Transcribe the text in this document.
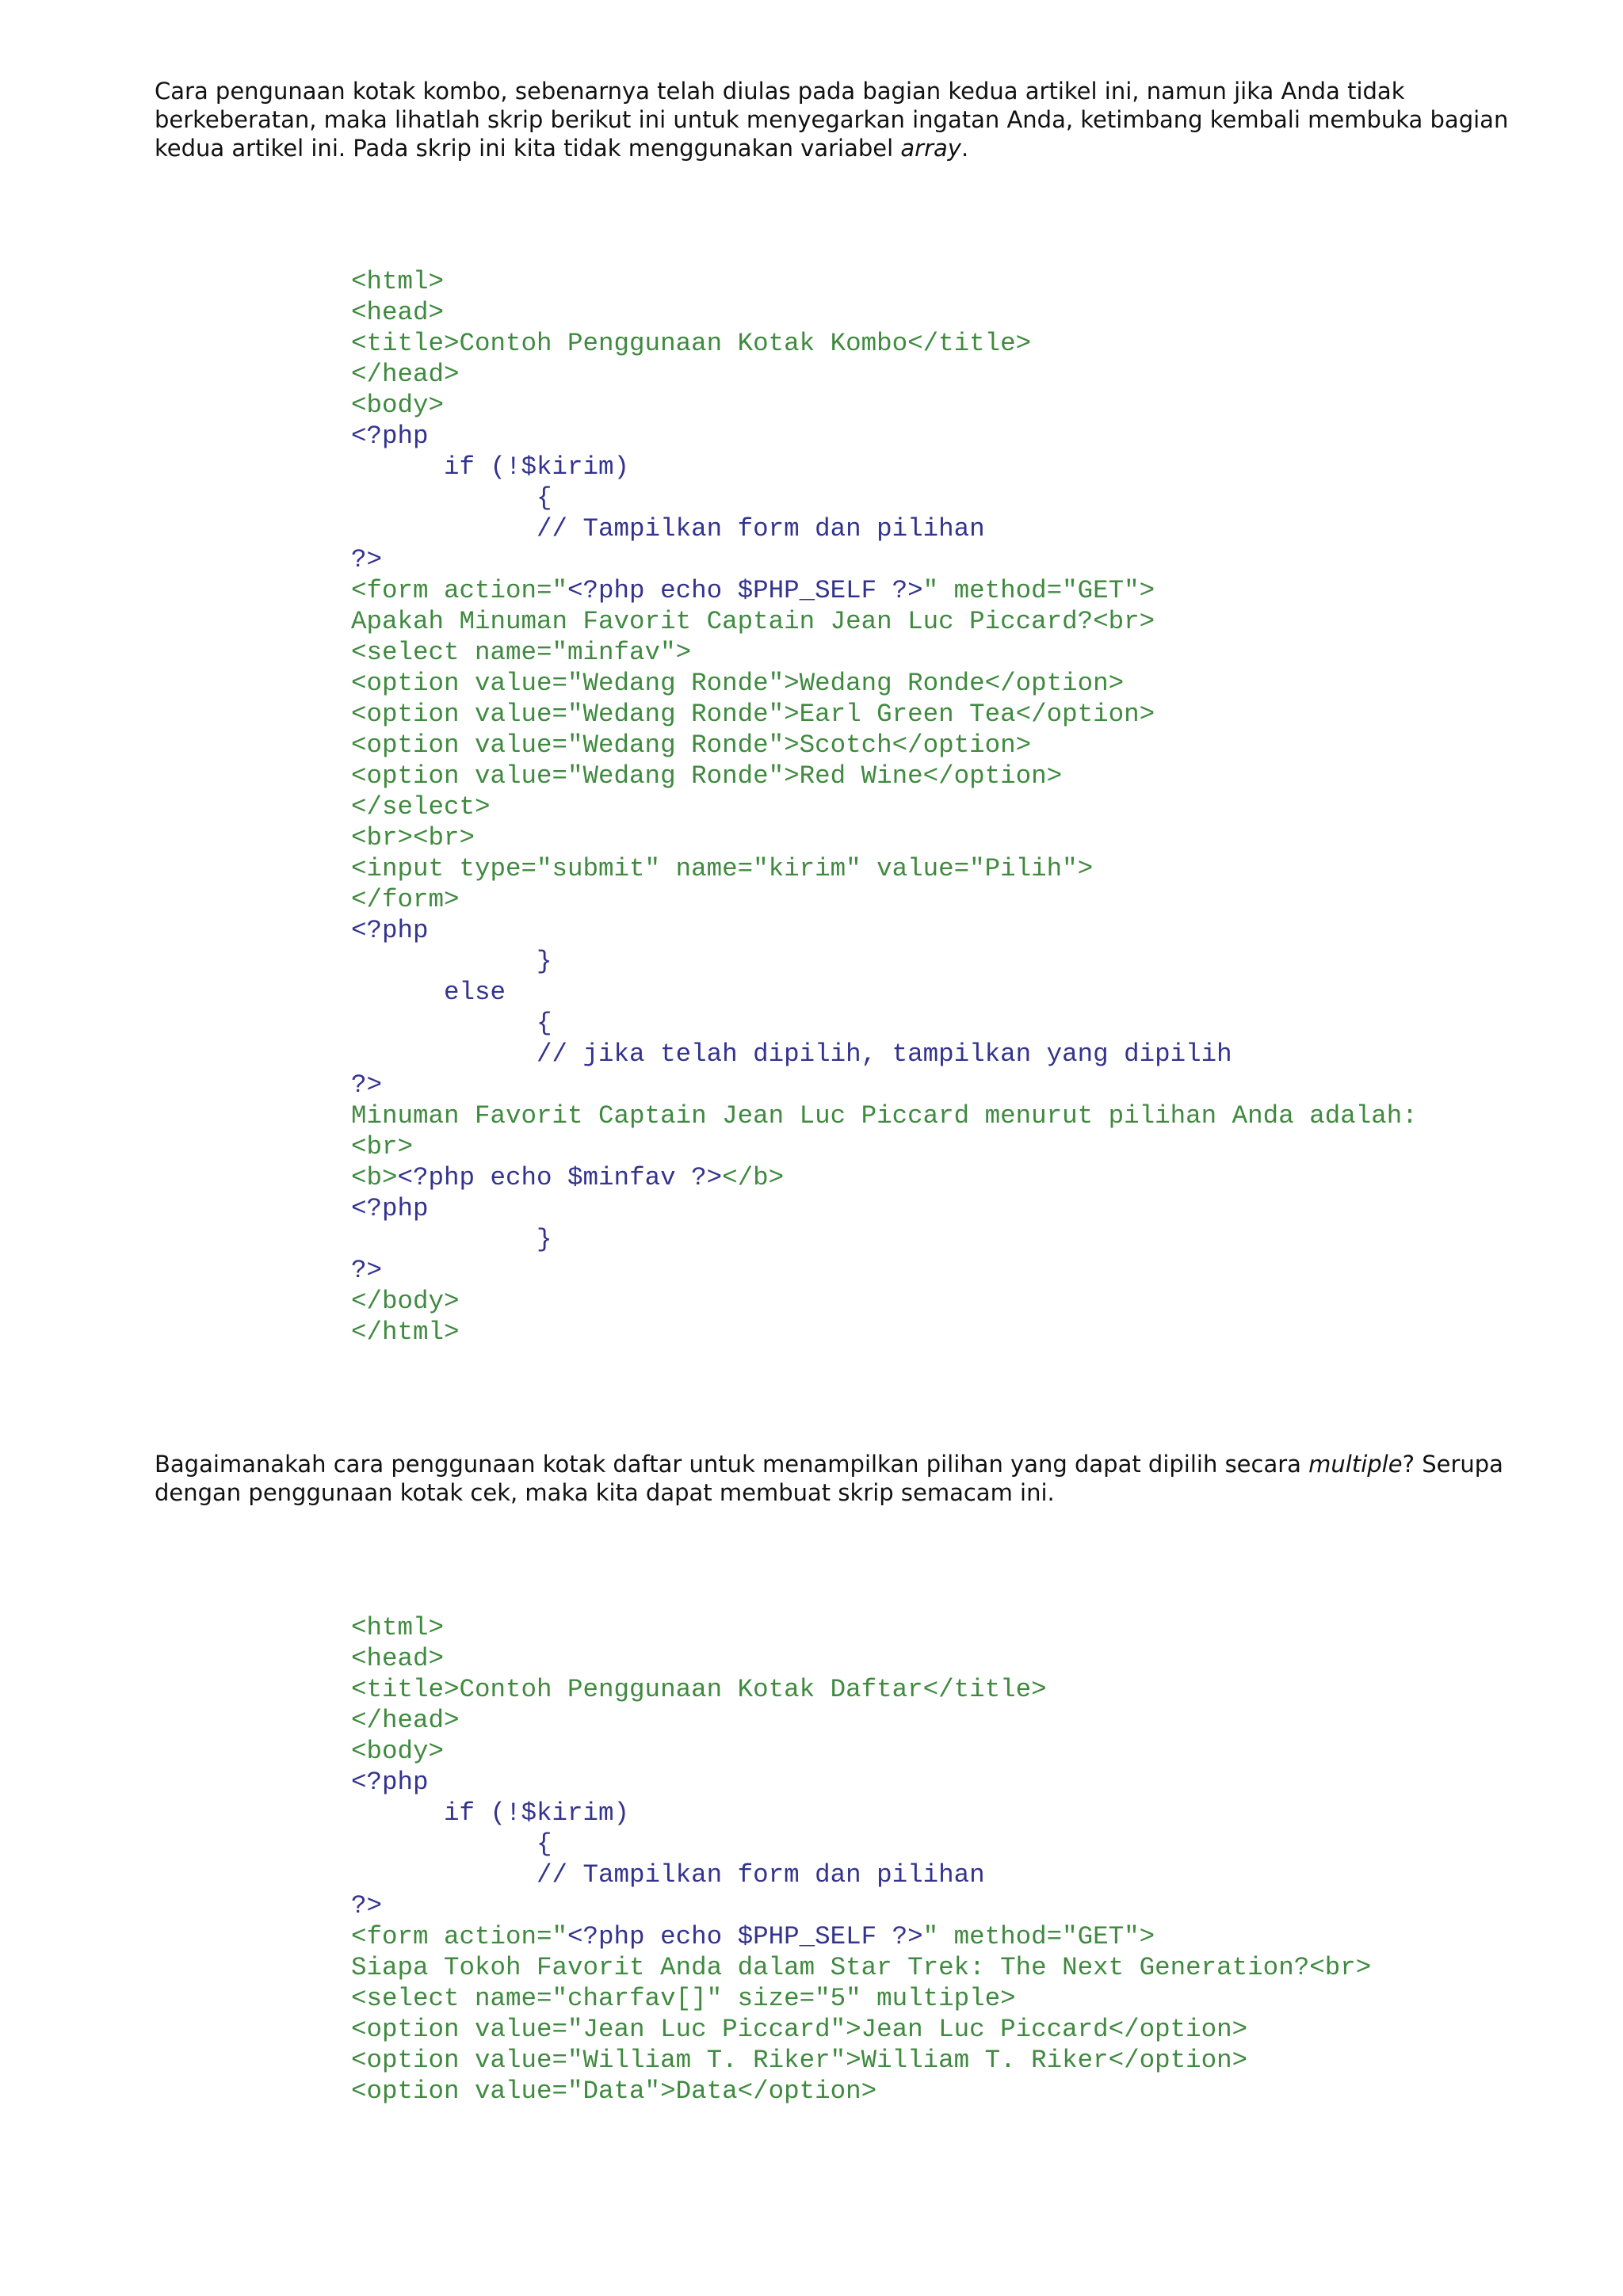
Cara pengunaan kotak kombo, sebenarnya telah diulas pada bagian kedua artikel ini, namun jika Anda tidak berkeberatan, maka lihatlah skrip berikut ini untuk menyegarkan ingatan Anda, ketimbang kembali membuka bagian kedua artikel ini. Pada skrip ini kita tidak menggunakan variabel array.

<html>
<head>
<title>Contoh Penggunaan Kotak Kombo</title>
</head>
<body>
<?php
if (!$kirim)
{
// Tampilkan form dan pilihan
?>
<form action="<?php echo $PHP_SELF ?>" method="GET">
Apakah Minuman Favorit Captain Jean Luc Piccard?<br>
<select name="minfav">
<option value="Wedang Ronde">Wedang Ronde</option>
<option value="Wedang Ronde">Earl Green Tea</option>
<option value="Wedang Ronde">Scotch</option>
<option value="Wedang Ronde">Red Wine</option>
</select>
<br><br>
<input type="submit" name="kirim" value="Pilih">
</form>
<?php
}
else
{
// jika telah dipilih, tampilkan yang dipilih
?>
Minuman Favorit Captain Jean Luc Piccard menurut pilihan Anda adalah:
<br>
<b><?php echo $minfav ?></b>
<?php
}
?>
</body>
</html>

Bagaimanakah cara penggunaan kotak daftar untuk menampilkan pilihan yang dapat dipilih secara multiple? Serupa dengan penggunaan kotak cek, maka kita dapat membuat skrip semacam ini.

<html>
<head>
<title>Contoh Penggunaan Kotak Daftar</title>
</head>
<body>
<?php
if (!$kirim)
{
// Tampilkan form dan pilihan
?>
<form action="<?php echo $PHP_SELF ?>" method="GET">
Siapa Tokoh Favorit Anda dalam Star Trek: The Next Generation?<br>
<select name="charfav[]" size="5" multiple>
<option value="Jean Luc Piccard">Jean Luc Piccard</option>
<option value="William T. Riker">William T. Riker</option>
<option value="Data">Data</option>
